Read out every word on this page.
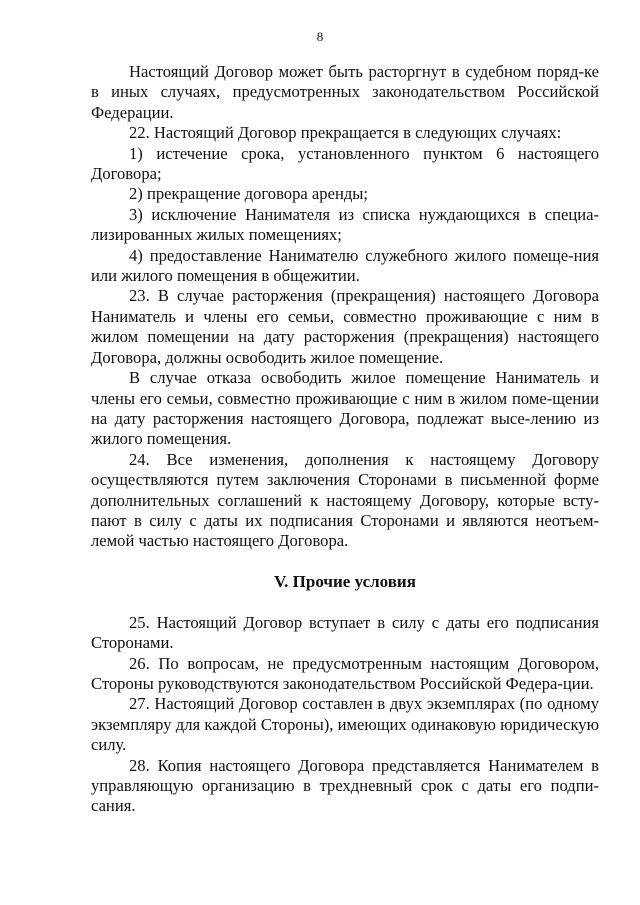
8

Настоящий Договор может быть расторгнут в судебном поряд-ке в иных случаях, предусмотренных законодательством Российской Федерации.

22. Настоящий Договор прекращается в следующих случаях:

1) истечение срока, установленного пунктом 6 настоящего Договора;

2) прекращение договора аренды;

3) исключение Нанимателя из списка нуждающихся в специа-лизированных жилых помещениях;

4) предоставление Нанимателю служебного жилого помеще-ния или жилого помещения в общежитии.

23. В случае расторжения (прекращения) настоящего Договора Наниматель и члены его семьи, совместно проживающие с ним в жилом помещении на дату расторжения (прекращения) настоящего Договора, должны освободить жилое помещение.

В случае отказа освободить жилое помещение Наниматель и члены его семьи, совместно проживающие с ним в жилом поме-щении на дату расторжения настоящего Договора, подлежат высе-лению из жилого помещения.

24. Все изменения, дополнения к настоящему Договору осуществляются путем заключения Сторонами в письменной форме дополнительных соглашений к настоящему Договору, которые всту-пают в силу с даты их подписания Сторонами и являются неотъем-лемой частью настоящего Договора.

V. Прочие условия

25. Настоящий Договор вступает в силу с даты его подписания Сторонами.

26. По вопросам, не предусмотренным настоящим Договором, Стороны руководствуются законодательством Российской Федера-ции.

27. Настоящий Договор составлен в двух экземплярах (по одному экземпляру для каждой Стороны), имеющих одинаковую юридическую силу.

28. Копия настоящего Договора представляется Нанимателем в управляющую организацию в трехдневный срок с даты его подпи-сания.
